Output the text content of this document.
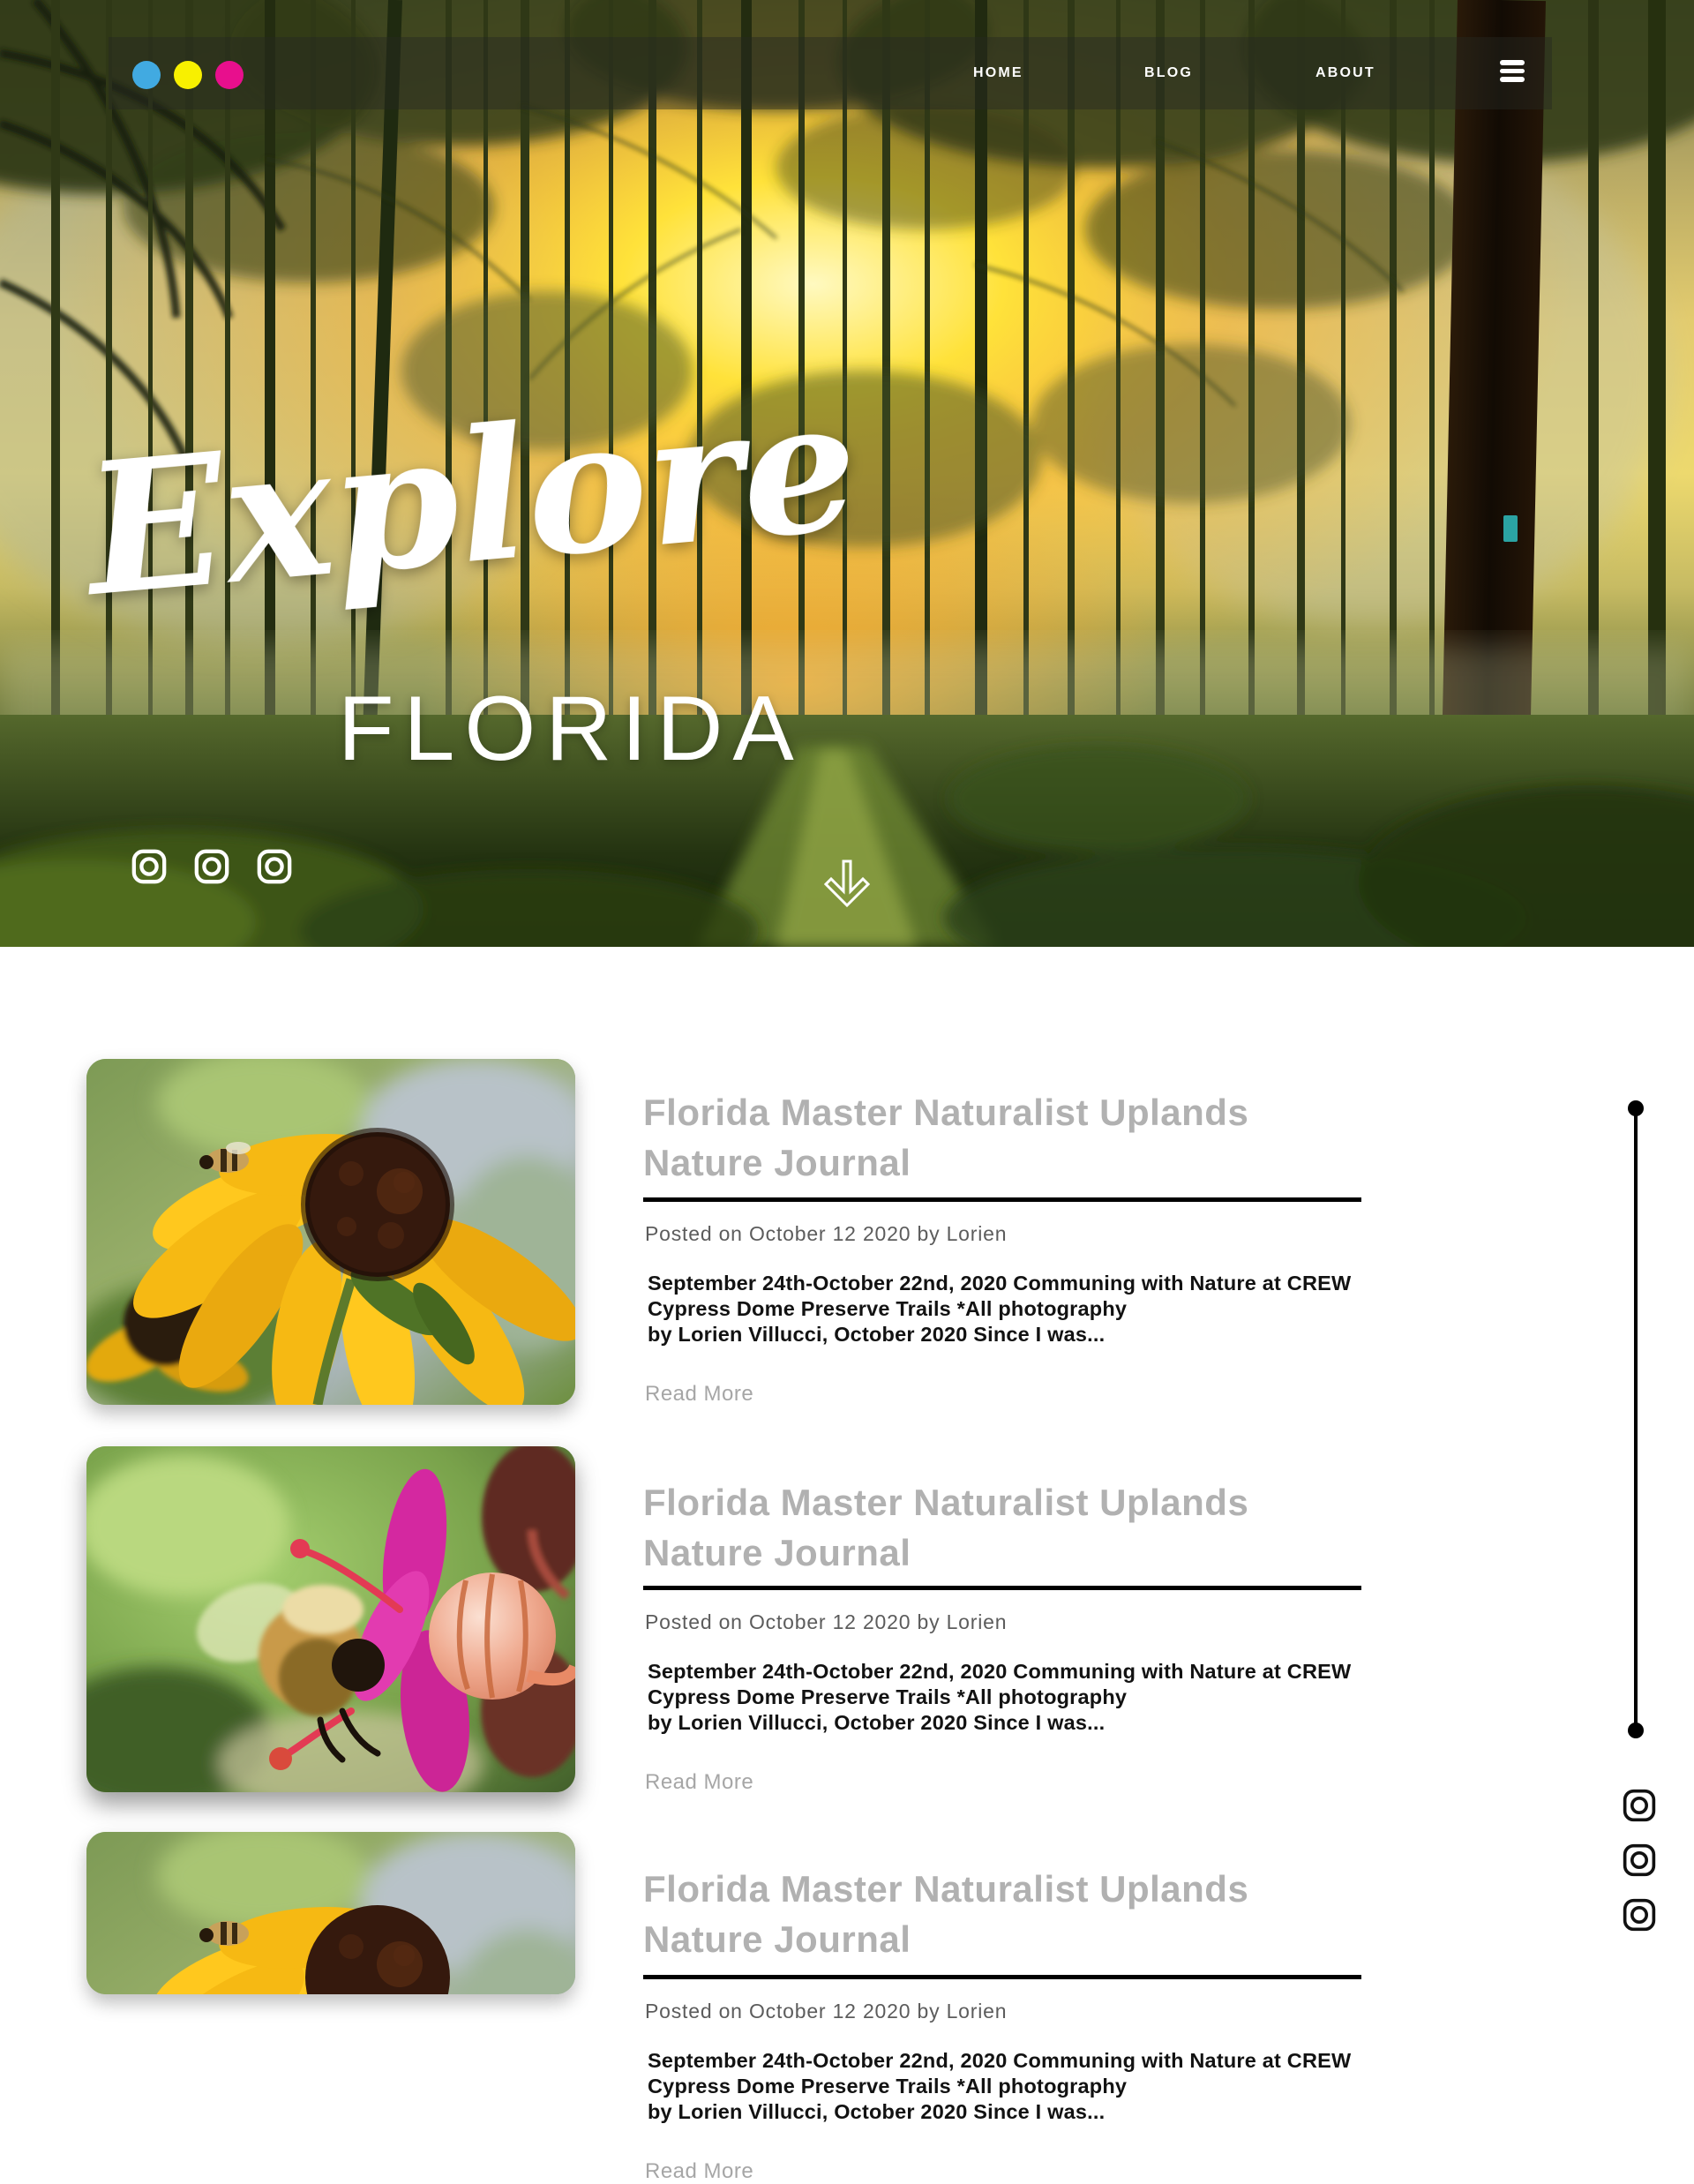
HOME	BLOG	ABOUT
Explore
FLORIDA
Florida Master Naturalist Uplands Nature Journal
Posted on October 12 2020 by Lorien
September 24th-October 22nd, 2020 Communing with Nature at CREW
Cypress Dome Preserve Trails *All photography
by Lorien Villucci, October 2020 Since I was...
Read More
Florida Master Naturalist Uplands Nature Journal
Posted on October 12 2020 by Lorien
September 24th-October 22nd, 2020 Communing with Nature at CREW
Cypress Dome Preserve Trails *All photography
by Lorien Villucci, October 2020 Since I was...
Read More
Florida Master Naturalist Uplands Nature Journal
Posted on October 12 2020 by Lorien
September 24th-October 22nd, 2020 Communing with Nature at CREW
Cypress Dome Preserve Trails *All photography
by Lorien Villucci, October 2020 Since I was...
Read More
